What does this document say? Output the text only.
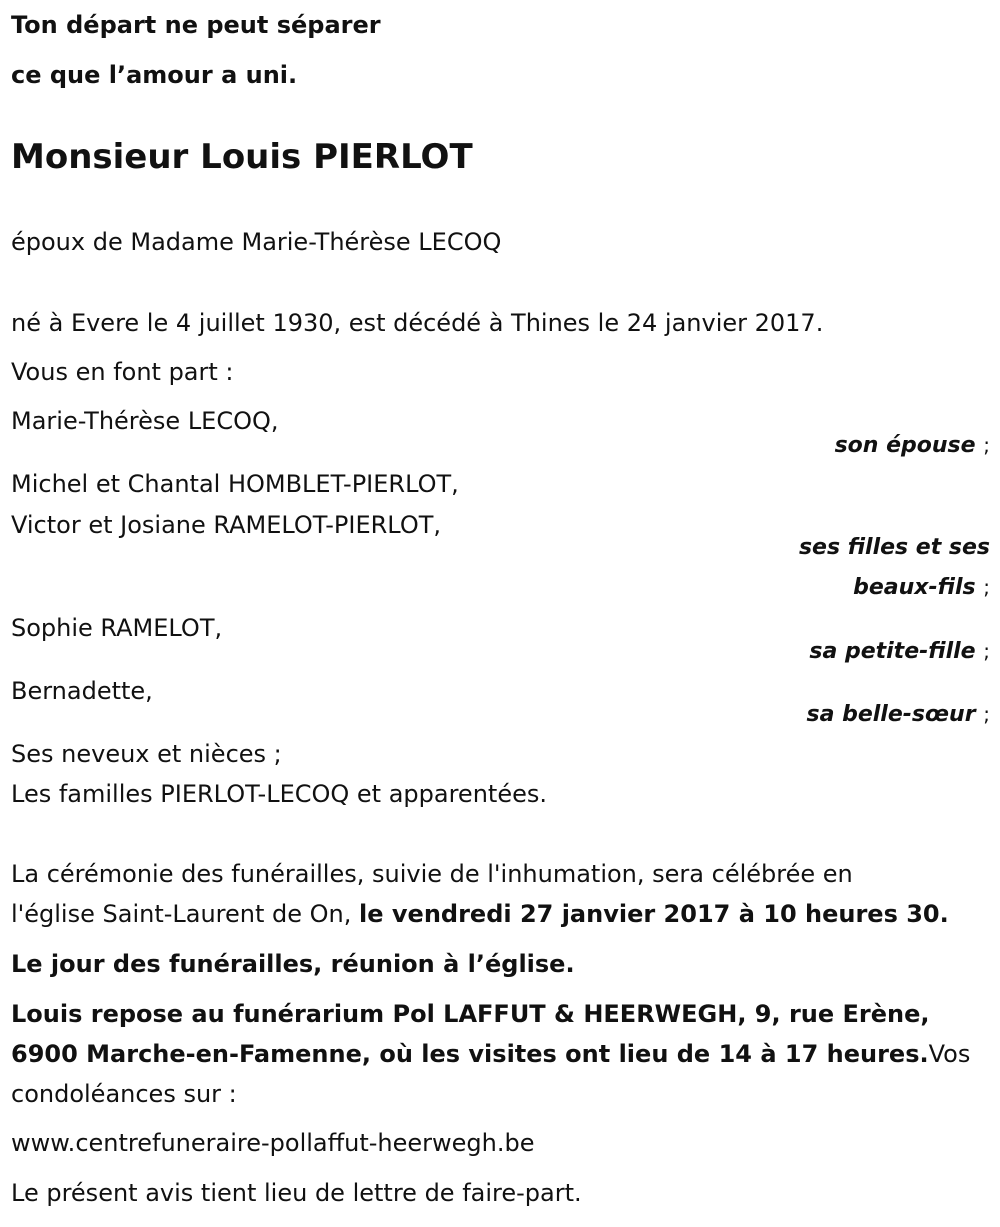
Ton départ ne peut séparer
ce que l’amour a uni.
Monsieur Louis PIERLOT
époux de Madame Marie-Thérèse LECOQ
né à Evere le 4 juillet 1930, est décédé à Thines le 24 janvier 2017.
Vous en font part :
Marie-Thérèse LECOQ,
son épouse ;
Michel et Chantal HOMBLET-PIERLOT,
Victor et Josiane RAMELOT-PIERLOT,
ses filles et ses
beaux-fils ;
Sophie RAMELOT,
sa petite-fille ;
Bernadette,
sa belle-sœur ;
Ses neveux et nièces ;
Les familles PIERLOT-LECOQ et apparentées.
La cérémonie des funérailles, suivie de l'inhumation, sera célébrée en
l'église Saint-Laurent de On, le vendredi 27 janvier 2017 à 10 heures 30.
Le jour des funérailles, réunion à l’église.
Louis repose au funérarium Pol LAFFUT & HEERWEGH, 9, rue Erène,
6900 Marche-en-Famenne, où les visites ont lieu de 14 à 17 heures.Vos
condoléances sur :
www.centrefuneraire-pollaffut-heerwegh.be
Le présent avis tient lieu de lettre de faire-part.
